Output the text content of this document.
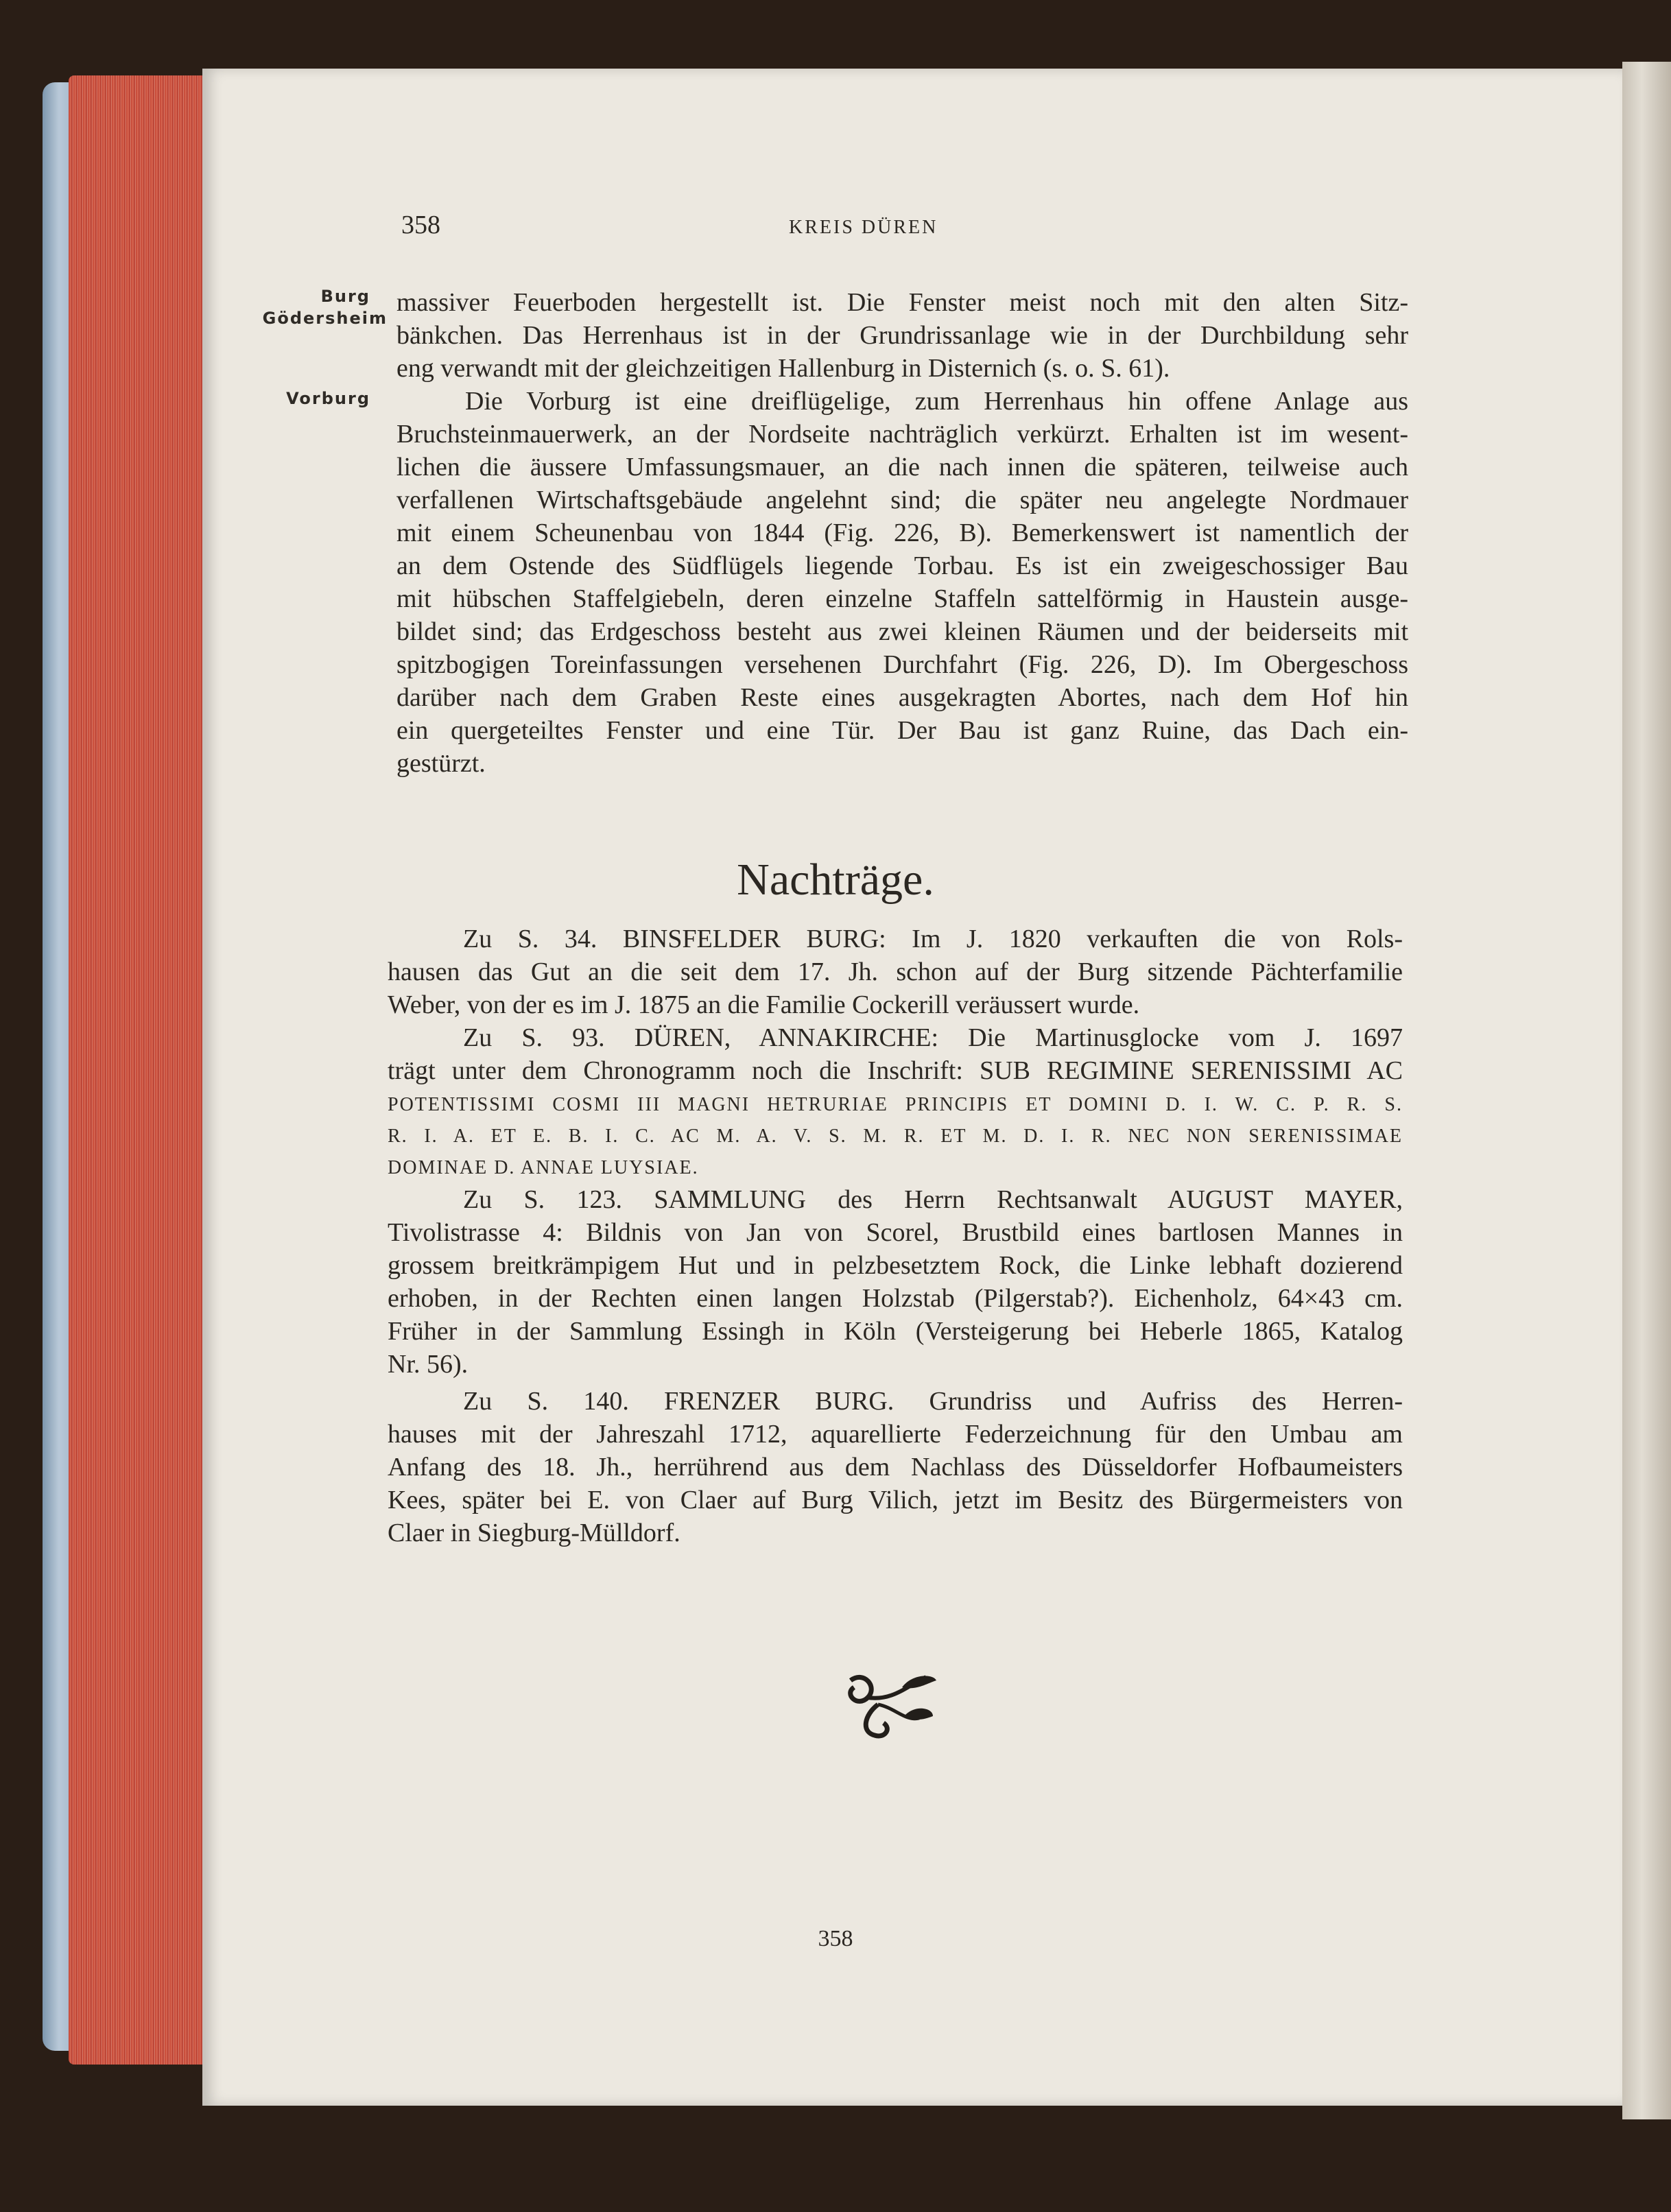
358	KREIS DÜREN
Burg
Gödersheim
Vorburg
massiver Feuerboden hergestellt ist. Die Fenster meist noch mit den alten Sitz-
bänkchen. Das Herrenhaus ist in der Grundrissanlage wie in der Durchbildung sehr
eng verwandt mit der gleichzeitigen Hallenburg in Disternich (s. o. S. 61).
Die Vorburg ist eine dreiflügelige, zum Herrenhaus hin offene Anlage aus
Bruchsteinmauerwerk, an der Nordseite nachträglich verkürzt. Erhalten ist im wesent-
lichen die äussere Umfassungsmauer, an die nach innen die späteren, teilweise auch
verfallenen Wirtschaftsgebäude angelehnt sind; die später neu angelegte Nordmauer
mit einem Scheunenbau von 1844 (Fig. 226, B). Bemerkenswert ist namentlich der
an dem Ostende des Südflügels liegende Torbau. Es ist ein zweigeschossiger Bau
mit hübschen Staffelgiebeln, deren einzelne Staffeln sattelförmig in Haustein ausge-
bildet sind; das Erdgeschoss besteht aus zwei kleinen Räumen und der beiderseits mit
spitzbogigen Toreinfassungen versehenen Durchfahrt (Fig. 226, D). Im Obergeschoss
darüber nach dem Graben Reste eines ausgekragten Abortes, nach dem Hof hin
ein quergeteiltes Fenster und eine Tür. Der Bau ist ganz Ruine, das Dach ein-
gestürzt.
Nachträge.
Zu S. 34. BINSFELDER BURG: Im J. 1820 verkauften die von Rols-
hausen das Gut an die seit dem 17. Jh. schon auf der Burg sitzende Pächterfamilie
Weber, von der es im J. 1875 an die Familie Cockerill veräussert wurde.
Zu S. 93. DÜREN, ANNAKIRCHE: Die Martinusglocke vom J. 1697
trägt unter dem Chronogramm noch die Inschrift: SUB REGIMINE SERENISSIMI AC
POTENTISSIMI COSMI III MAGNI HETRURIAE PRINCIPIS ET DOMINI D. I. W. C. P. R. S.
R. I. A. ET E. B. I. C. AC M. A. V. S. M. R. ET M. D. I. R. NEC NON SERENISSIMAE
DOMINAE D. ANNAE LUYSIAE.
Zu S. 123. SAMMLUNG des Herrn Rechtsanwalt AUGUST MAYER,
Tivolistrasse 4: Bildnis von Jan von Scorel, Brustbild eines bartlosen Mannes in
grossem breitkrämpigem Hut und in pelzbesetztem Rock, die Linke lebhaft dozierend
erhoben, in der Rechten einen langen Holzstab (Pilgerstab?). Eichenholz, 64×43 cm.
Früher in der Sammlung Essingh in Köln (Versteigerung bei Heberle 1865, Katalog
Nr. 56).
Zu S. 140. FRENZER BURG. Grundriss und Aufriss des Herren-
hauses mit der Jahreszahl 1712, aquarellierte Federzeichnung für den Umbau am
Anfang des 18. Jh., herrührend aus dem Nachlass des Düsseldorfer Hofbaumeisters
Kees, später bei E. von Claer auf Burg Vilich, jetzt im Besitz des Bürgermeisters von
Claer in Siegburg-Mülldorf.
358
